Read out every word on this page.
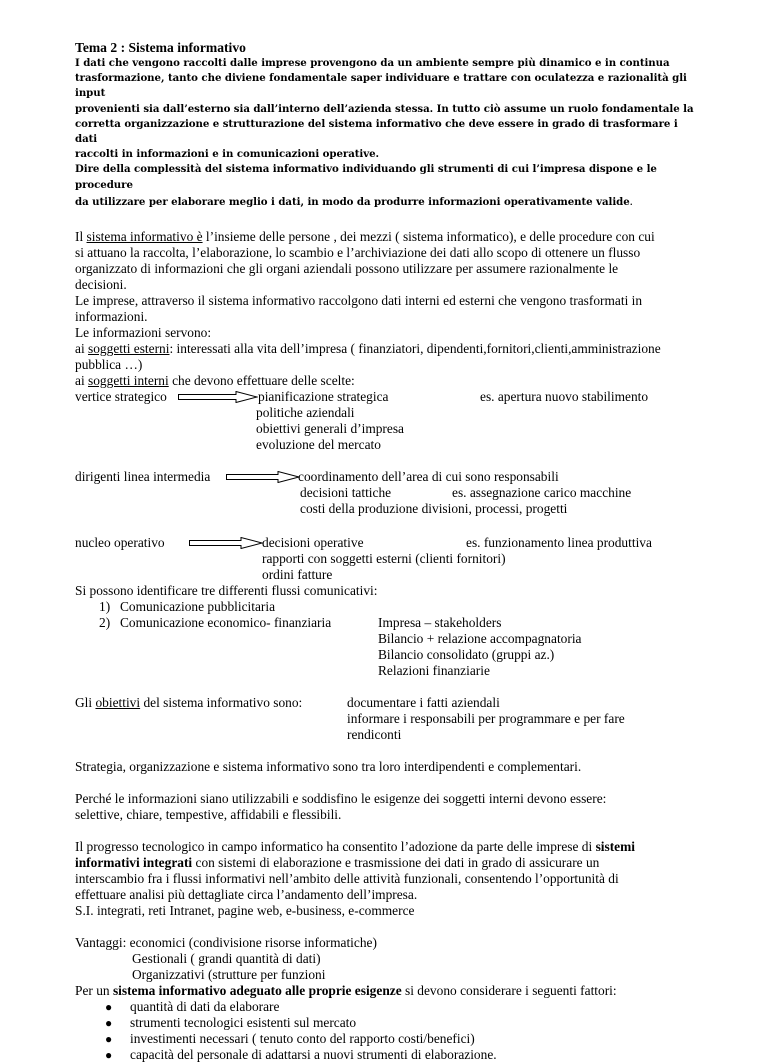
Tema 2 : Sistema informativo
I dati che vengono raccolti dalle imprese provengono da un ambiente sempre più dinamico e in continua
trasformazione, tanto che diviene fondamentale saper individuare e trattare con oculatezza e razionalità gli input
provenienti sia dall’esterno sia dall’interno dell’azienda stessa. In tutto ciò assume un ruolo fondamentale la
corretta organizzazione e strutturazione del sistema informativo che deve essere in grado di trasformare i dati
raccolti in informazioni e in comunicazioni operative.
Dire della complessità del sistema informativo individuando gli strumenti di cui l’impresa dispone e le procedure
da utilizzare per elaborare meglio i dati, in modo da produrre informazioni operativamente valide.
Il sistema informativo è l’insieme delle persone , dei mezzi ( sistema informatico), e delle procedure con cui
si attuano la raccolta, l’elaborazione, lo scambio e l’archiviazione dei dati allo scopo di ottenere un flusso
organizzato di informazioni che gli organi aziendali possono utilizzare per assumere razionalmente le
decisioni.
Le imprese, attraverso il sistema informativo raccolgono dati interni ed esterni che vengono trasformati in
informazioni.
Le informazioni servono:
ai soggetti esterni: interessati alla vita dell’impresa ( finanziatori, dipendenti,fornitori,clienti,amministrazione
pubblica …)
ai soggetti interni che devono effettuare delle scelte:
vertice strategico	pianificazione strategica	es. apertura nuovo stabilimento
politiche aziendali
obiettivi generali d’impresa
evoluzione del mercato
dirigenti linea intermedia	coordinamento dell’area di cui sono responsabili
decisioni tattiche	es. assegnazione carico macchine
costi della produzione divisioni, processi, progetti
nucleo operativo	decisioni operative	es. funzionamento linea produttiva
rapporti con soggetti esterni (clienti fornitori)
ordini fatture
Si possono identificare tre differenti flussi comunicativi:
1) Comunicazione pubblicitaria
2) Comunicazione economico- finanziaria	Impresa – stakeholders
Bilancio + relazione accompagnatoria
Bilancio consolidato (gruppi az.)
Relazioni finanziarie
Gli obiettivi del sistema informativo sono:	documentare i fatti aziendali
informare i responsabili per programmare e per fare
rendiconti

Strategia, organizzazione e sistema informativo sono tra loro interdipendenti e complementari.

Perché le informazioni siano utilizzabili e soddisfino le esigenze dei soggetti interni devono essere:
selettive, chiare, tempestive, affidabili e flessibili.
Il progresso tecnologico in campo informatico ha consentito l’adozione da parte delle imprese di sistemi
informativi integrati con sistemi di elaborazione e trasmissione dei dati in grado di assicurare un
interscambio fra i flussi informativi nell’ambito delle attività funzionali, consentendo l’opportunità di
effettuare analisi più dettagliate circa l’andamento dell’impresa.
S.I. integrati, reti Intranet, pagine web, e-business, e-commerce
Vantaggi: economici (condivisione risorse informatiche)
Gestionali ( grandi quantità di dati)
Organizzativi (strutture per funzioni
Per un sistema informativo adeguato alle proprie esigenze si devono considerare i seguenti fattori:
● quantità di dati da elaborare
● strumenti tecnologici esistenti sul mercato
● investimenti necessari ( tenuto conto del rapporto costi/benefici)
● capacità del personale di adattarsi a nuovi strumenti di elaborazione.
